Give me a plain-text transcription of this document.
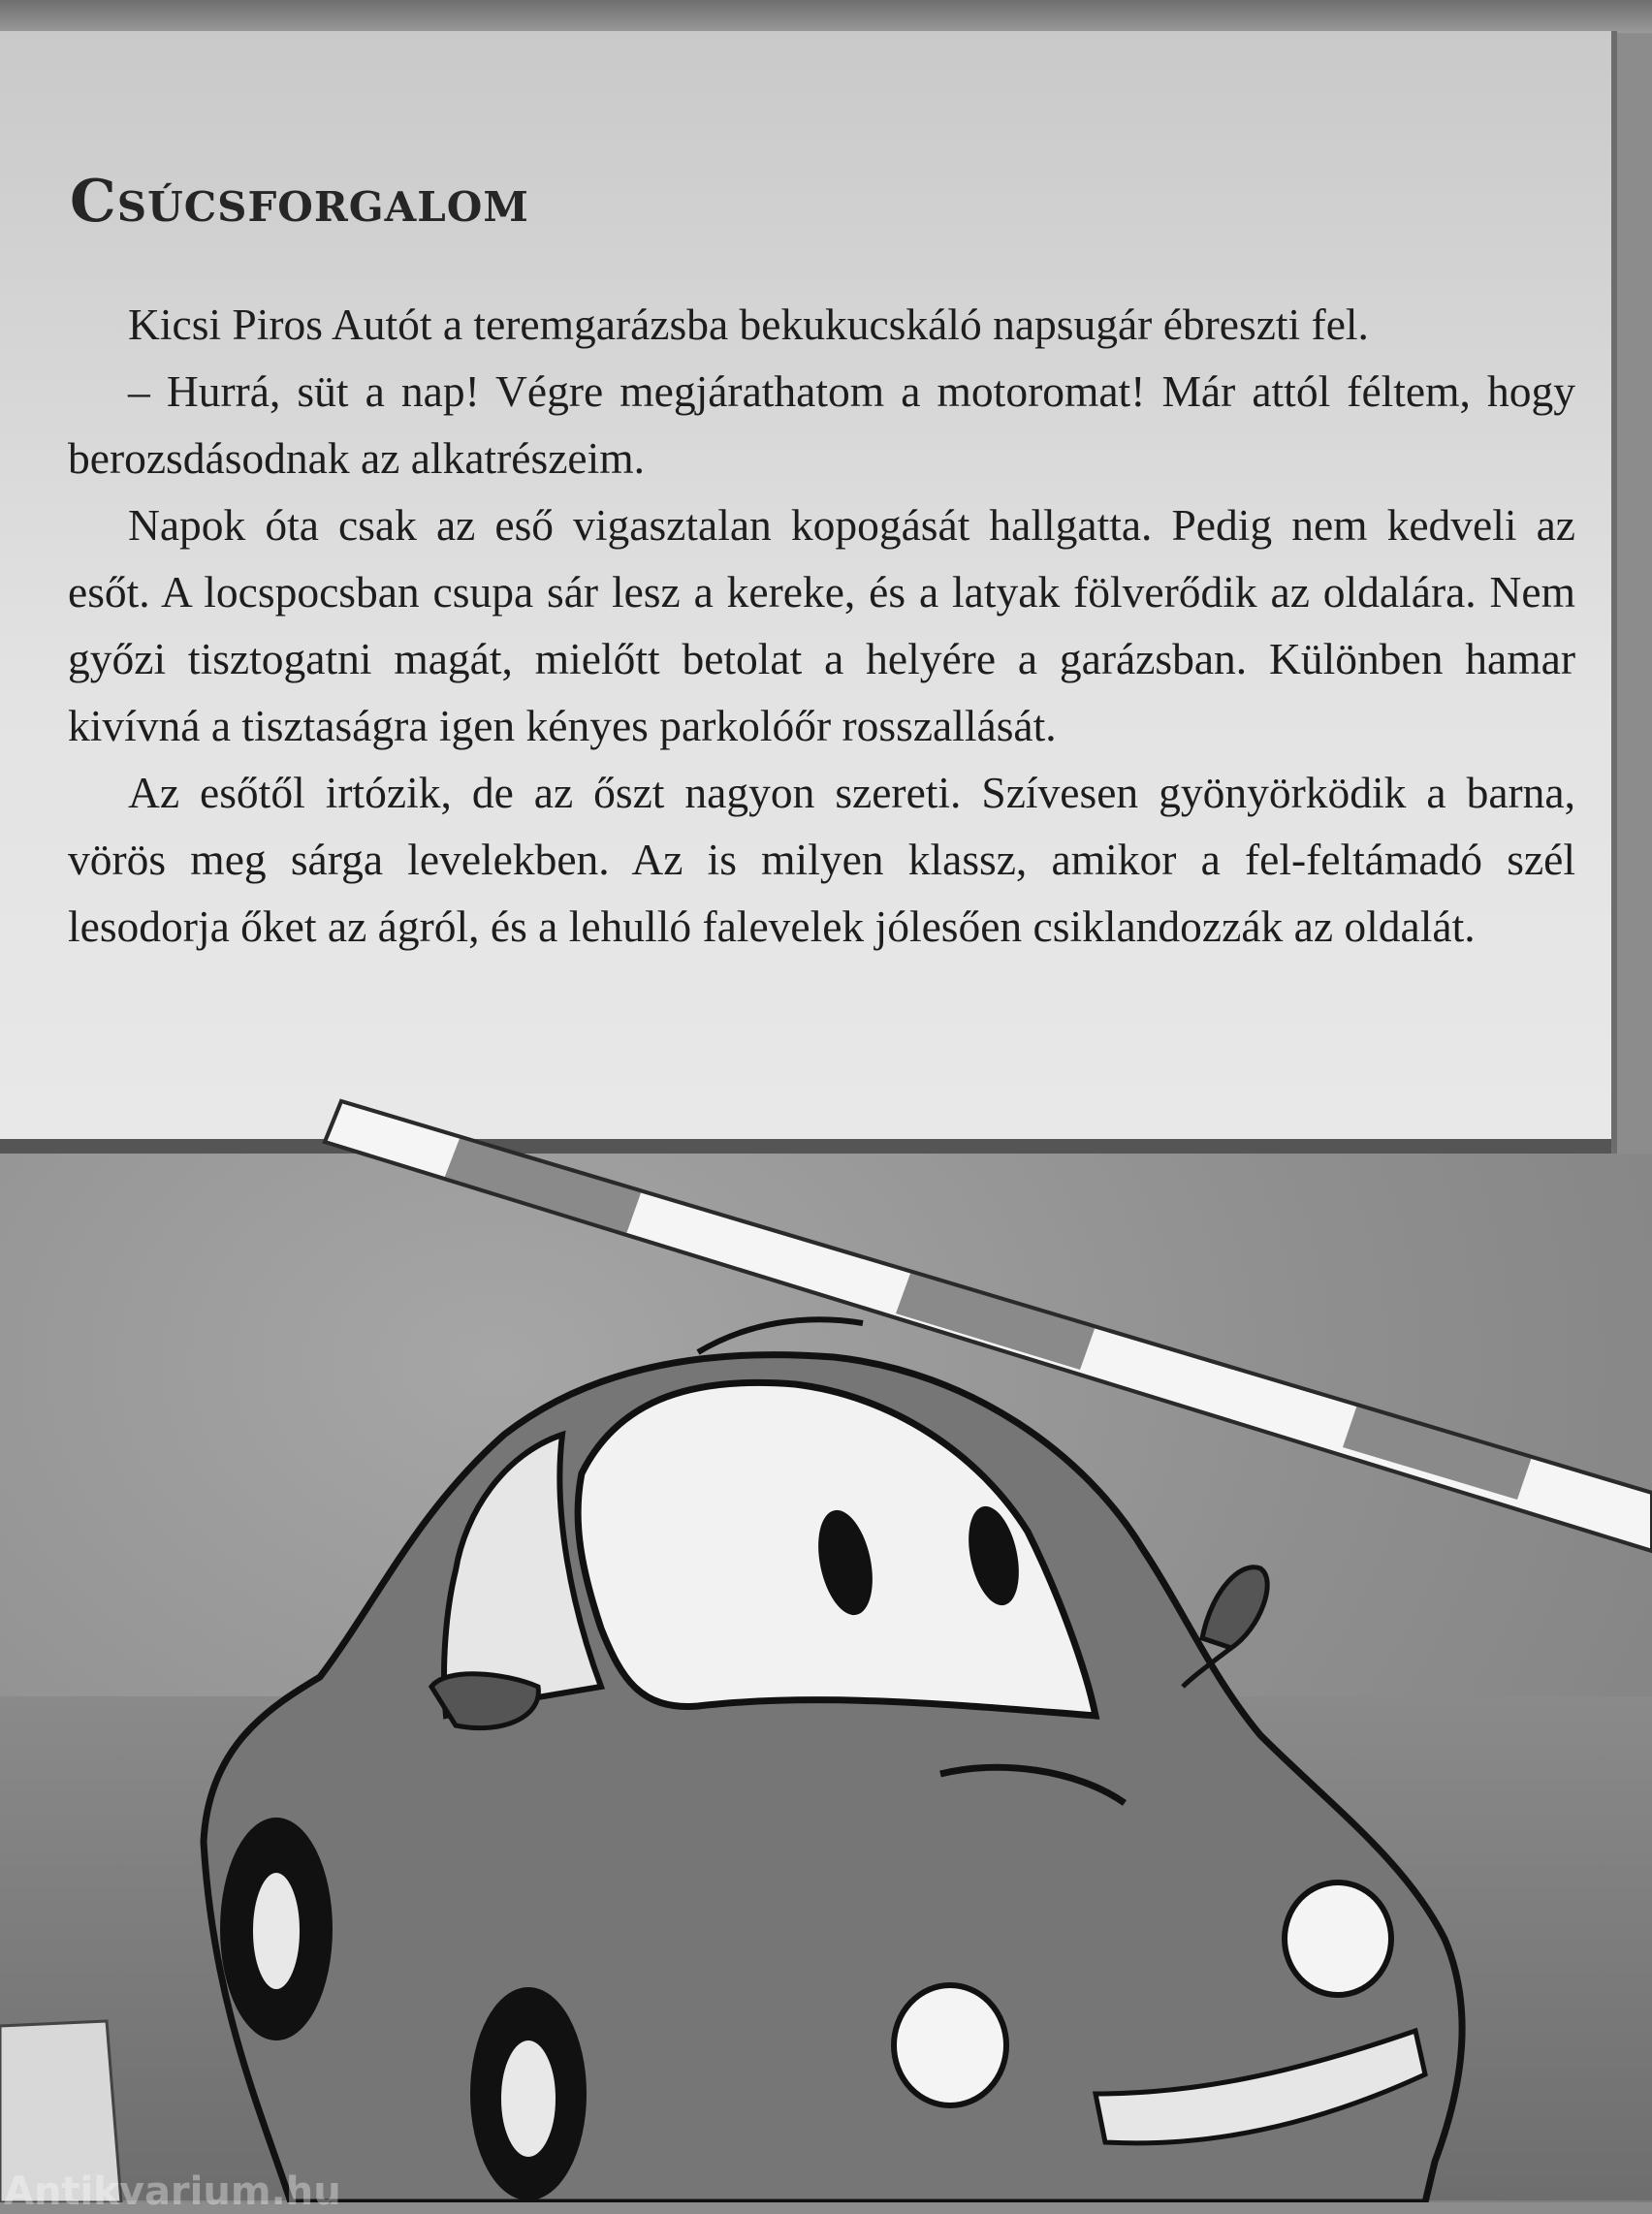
Csúcsforgalom

Kicsi Piros Autót a teremgarázsba bekukucskáló napsugár ébreszti fel.

– Hurrá, süt a nap! Végre megjárathatom a motoromat! Már attól féltem, hogy berozsdásodnak az alkatrészeim.

Napok óta csak az eső vigasztalan kopogását hallgatta. Pedig nem kedveli az esőt. A locspocsban csupa sár lesz a kereke, és a latyak fölverődik az oldalára. Nem győzi tisztogatni magát, mielőtt betolat a helyére a garázsban. Különben hamar kivívná a tisztaságra igen kényes parkolóőr rosszallását.

Az esőtől irtózik, de az őszt nagyon szereti. Szívesen gyönyörködik a barna, vörös meg sárga levelekben. Az is milyen klassz, amikor a fel-feltámadó szél lesodorja őket az ágról, és a lehulló falevelek jólesően csiklandozzák az oldalát.

Antikvarium.hu
